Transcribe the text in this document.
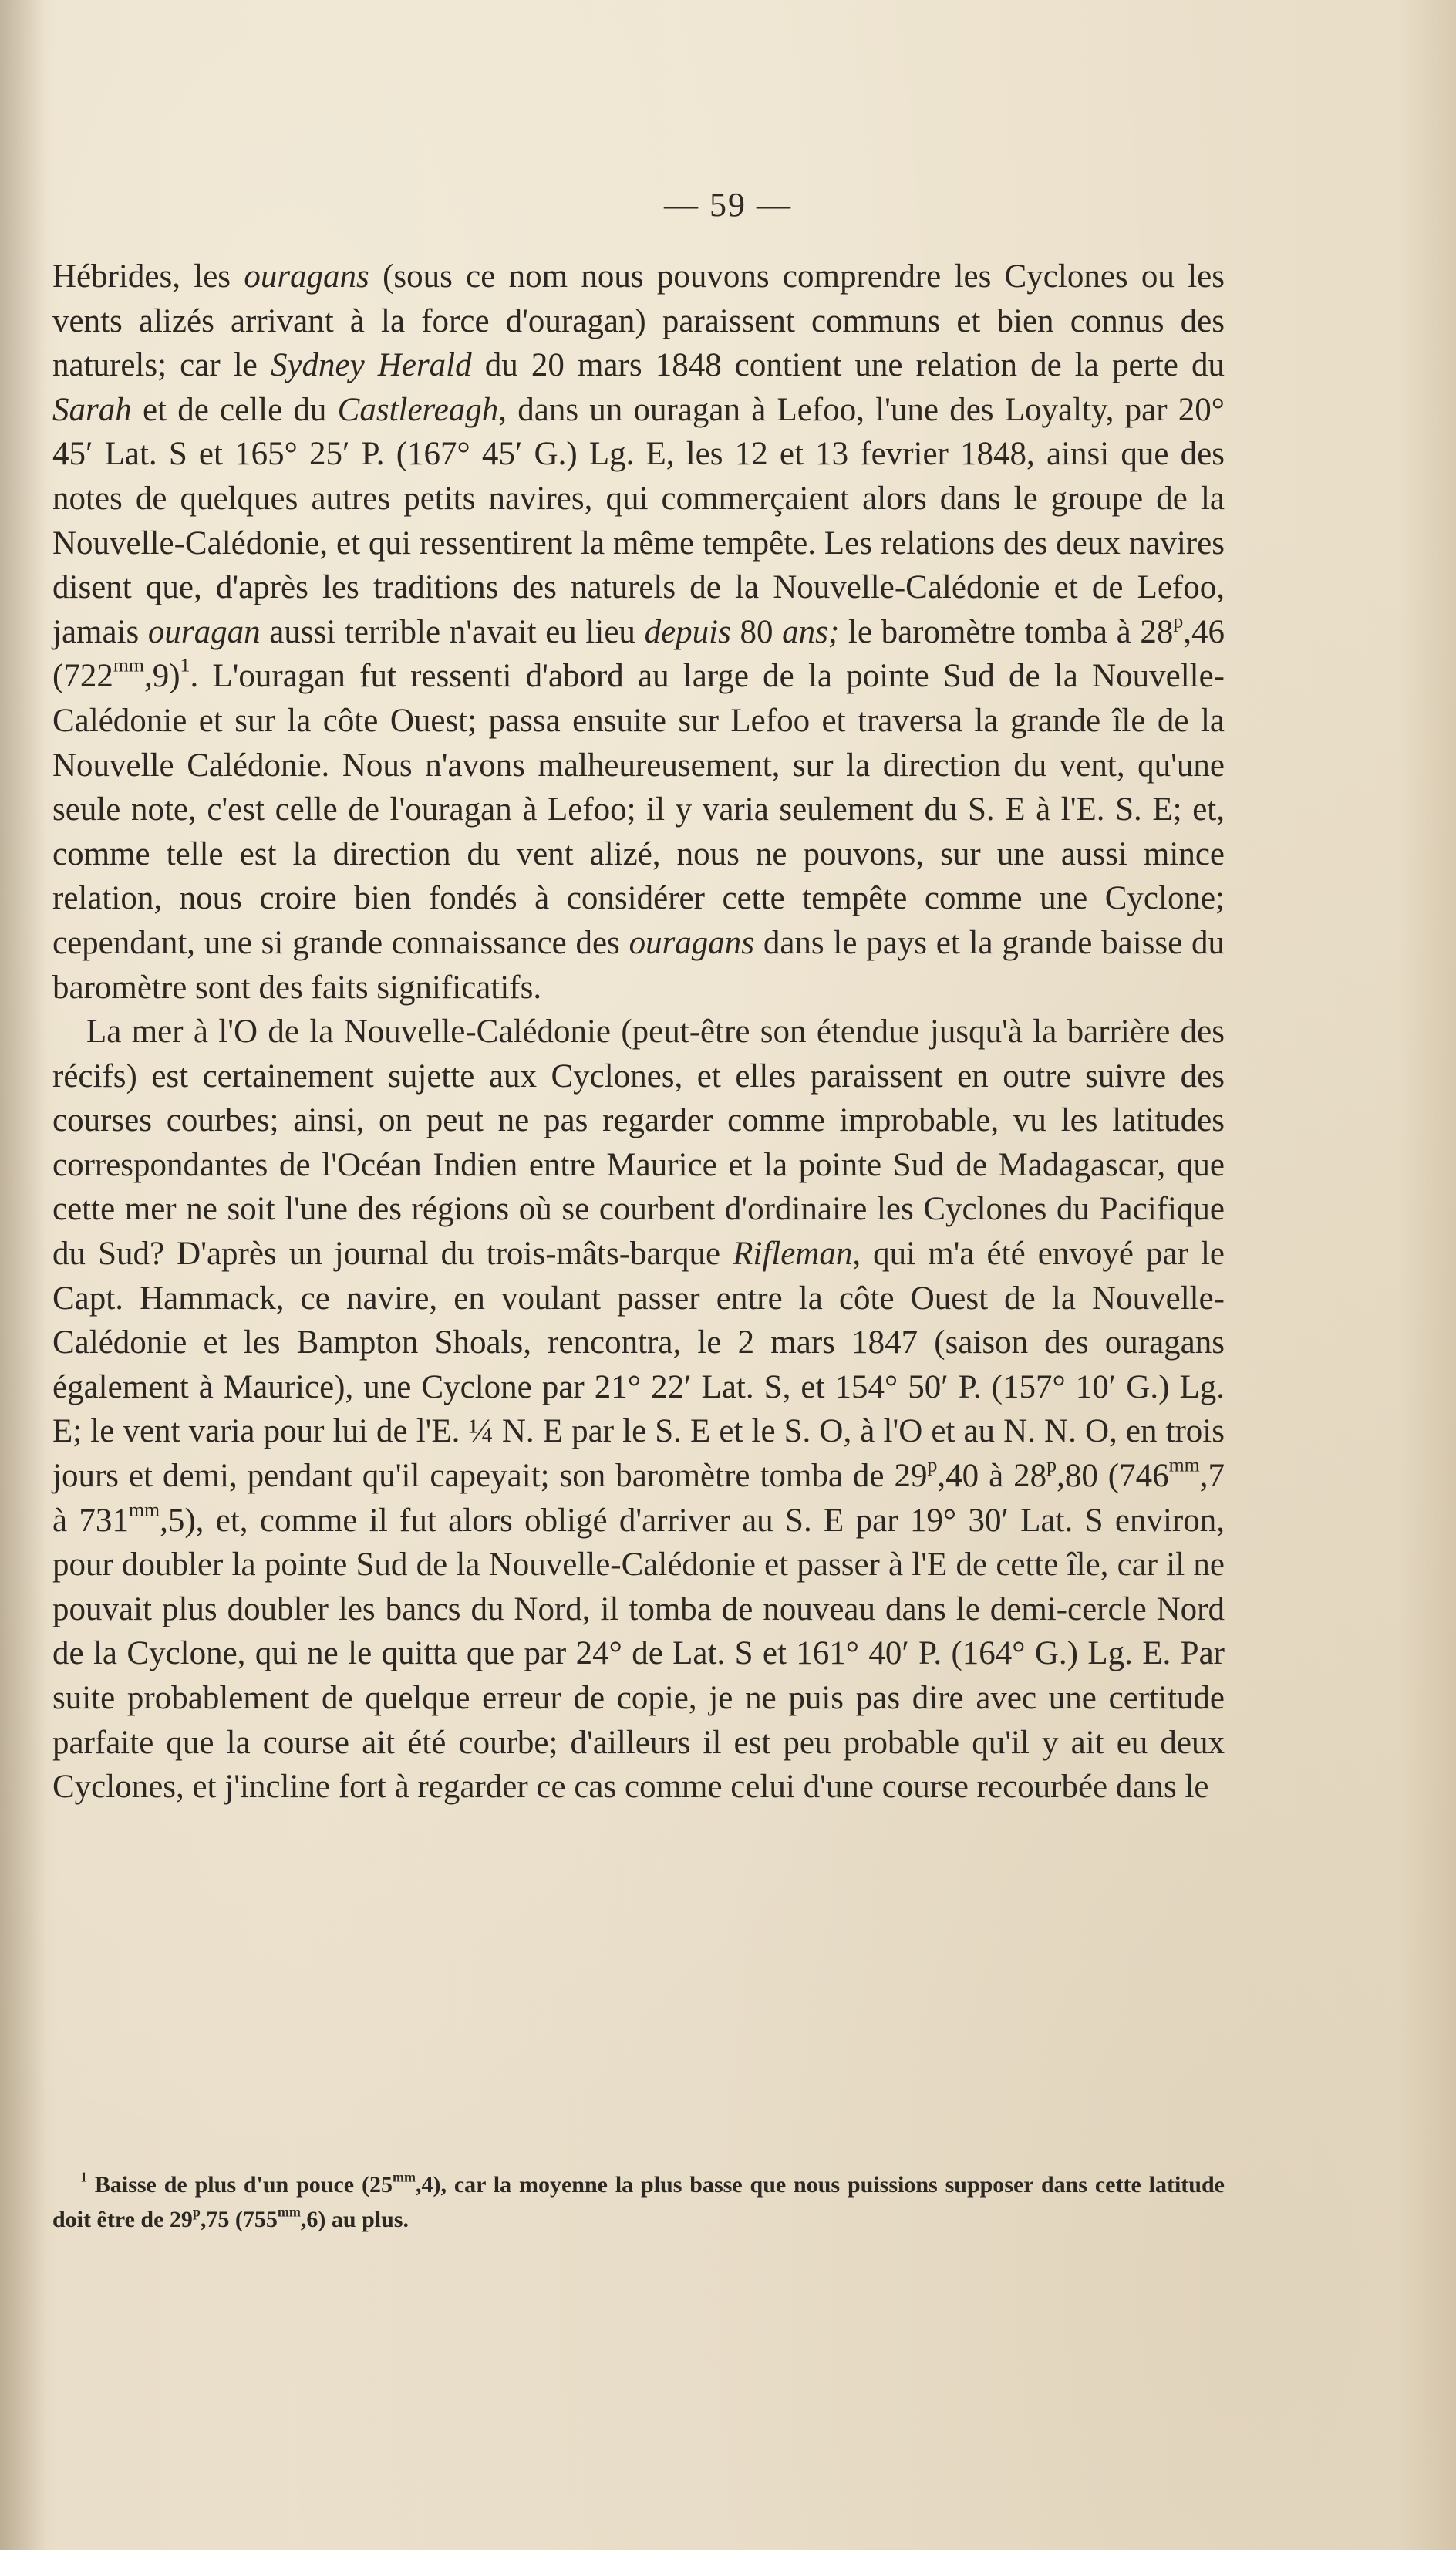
— 59 —

Hébrides, les ouragans (sous ce nom nous pouvons comprendre les Cyclones ou les vents alizés arrivant à la force d'ouragan) paraissent communs et bien connus des naturels; car le Sydney Herald du 20 mars 1848 contient une relation de la perte du Sarah et de celle du Castlereagh, dans un ouragan à Lefoo, l'une des Loyalty, par 20° 45′ Lat. S et 165° 25′ P. (167° 45′ G.) Lg. E, les 12 et 13 fevrier 1848, ainsi que des notes de quelques autres petits navires, qui commerçaient alors dans le groupe de la Nouvelle-Calédonie, et qui ressentirent la même tempête. Les relations des deux navires disent que, d'après les traditions des naturels de la Nouvelle-Calédonie et de Lefoo, jamais ouragan aussi terrible n'avait eu lieu depuis 80 ans; le baromètre tomba à 28$^p$,46 $(722^{mm},9)^1$. L'ouragan fut ressenti d'abord au large de la pointe Sud de la Nouvelle-Calédonie et sur la côte Ouest; passa ensuite sur Lefoo et traversa la grande île de la Nouvelle Calédonie. Nous n'avons malheureusement, sur la direction du vent, qu'une seule note, c'est celle de l'ouragan à Lefoo; il y varia seulement du S. E à l'E. S. E; et, comme telle est la direction du vent alizé, nous ne pouvons, sur une aussi mince relation, nous croire bien fondés à considérer cette tempête comme une Cyclone; cependant, une si grande connaissance des ouragans dans le pays et la grande baisse du baromètre sont des faits significatifs.

La mer à l'O de la Nouvelle-Calédonie (peut-être son étendue jusqu'à la barrière des récifs) est certainement sujette aux Cyclones, et elles paraissent en outre suivre des courses courbes; ainsi, on peut ne pas regarder comme improbable, vu les latitudes correspondantes de l'Océan Indien entre Maurice et la pointe Sud de Madagascar, que cette mer ne soit l'une des régions où se courbent d'ordinaire les Cyclones du Pacifique du Sud? D'après un journal du trois-mâts-barque Rifleman, qui m'a été envoyé par le Capt. Hammack, ce navire, en voulant passer entre la côte Ouest de la Nouvelle-Calédonie et les Bampton Shoals, rencontra, le 2 mars 1847 (saison des ouragans également à Maurice), une Cyclone par 21° 22′ Lat. S, et 154° 50′ P. (157° 10′ G.) Lg. E; le vent varia pour lui de l'E. ¼ N. E par le S. E et le S. O, à l'O et au N. N. O, en trois jours et demi, pendant qu'il capeyait; son baromètre tomba de 29$^p$,40 à 28$^p$,80 ($746^{mm},7$ à $731^{mm},5$), et, comme il fut alors obligé d'arriver au S. E par 19° 30′ Lat. S environ, pour doubler la pointe Sud de la Nouvelle-Calédonie et passer à l'E de cette île, car il ne pouvait plus doubler les bancs du Nord, il tomba de nouveau dans le demi-cercle Nord de la Cyclone, qui ne le quitta que par 24° de Lat. S et 161° 40′ P. (164° G.) Lg. E. Par suite probablement de quelque erreur de copie, je ne puis pas dire avec une certitude parfaite que la course ait été courbe; d'ailleurs il est peu probable qu'il y ait eu deux Cyclones, et j'incline fort à regarder ce cas comme celui d'une course recourbée dans le

$^1$ Baisse de plus d'un pouce $(25^{mm},4)$, car la moyenne la plus basse que nous puissions supposer dans cette latitude doit être de 29$^p$,75 $(755^{mm},6)$ au plus.
